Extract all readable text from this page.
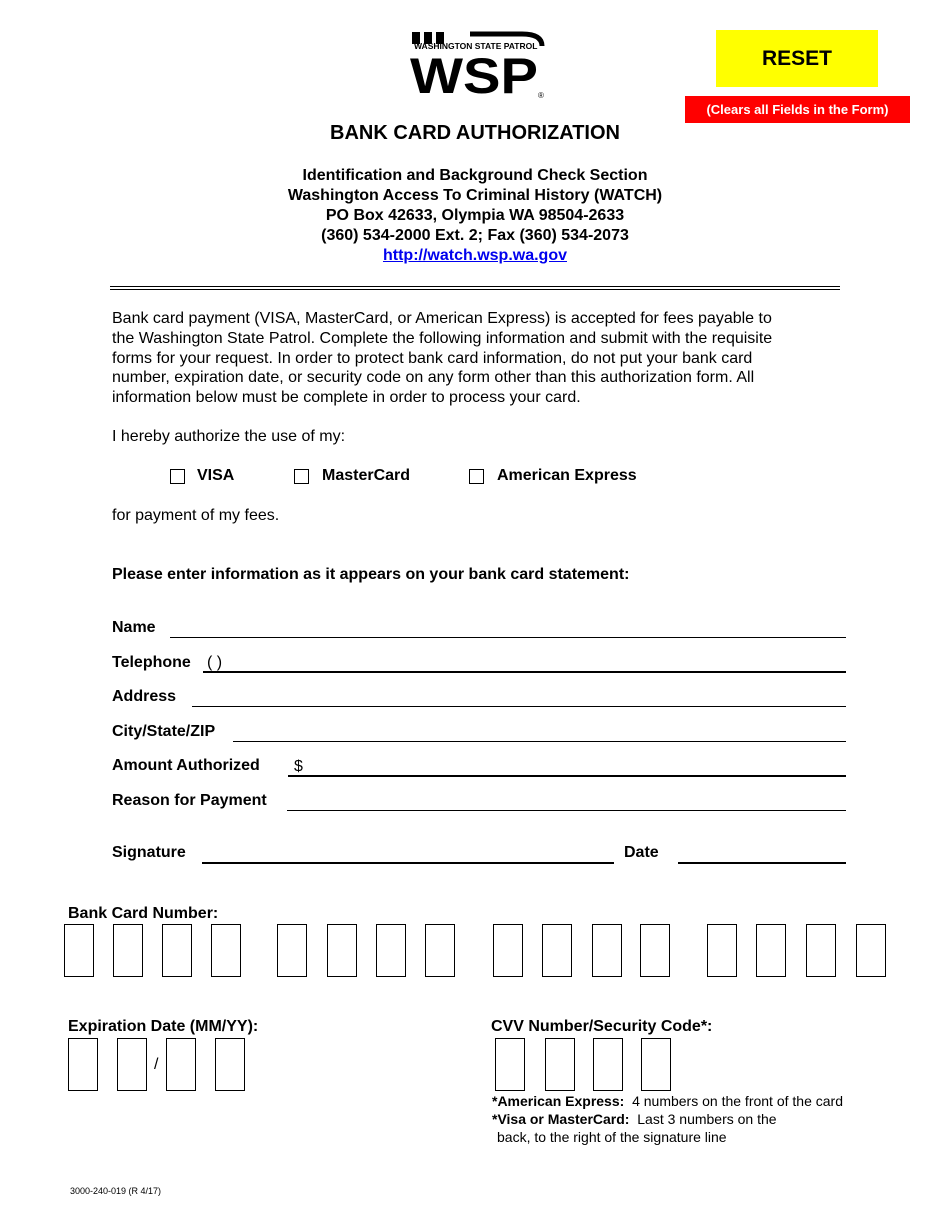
WASHINGTON STATE PATROL
WSP ®
RESET
(Clears all Fields in the Form)
BANK CARD AUTHORIZATION
Identification and Background Check Section
Washington Access To Criminal History (WATCH)
PO Box 42633, Olympia WA 98504-2633
(360) 534-2000 Ext. 2; Fax (360) 534-2073
http://watch.wsp.wa.gov
Bank card payment (VISA, MasterCard, or American Express) is accepted for fees payable to
the Washington State Patrol. Complete the following information and submit with the requisite
forms for your request. In order to protect bank card information, do not put your bank card
number, expiration date, or security code on any form other than this authorization form. All
information below must be complete in order to process your card.
I hereby authorize the use of my:
VISA	MasterCard	American Express
for payment of my fees.
Please enter information as it appears on your bank card statement:
Name
Telephone ( )
Address
City/State/ZIP
Amount Authorized $
Reason for Payment
Signature	Date
Bank Card Number:
Expiration Date (MM/YY):
/
CVV Number/Security Code*:
*American Express: 4 numbers on the front of the card
*Visa or MasterCard: Last 3 numbers on the
back, to the right of the signature line
3000-240-019 (R 4/17)
